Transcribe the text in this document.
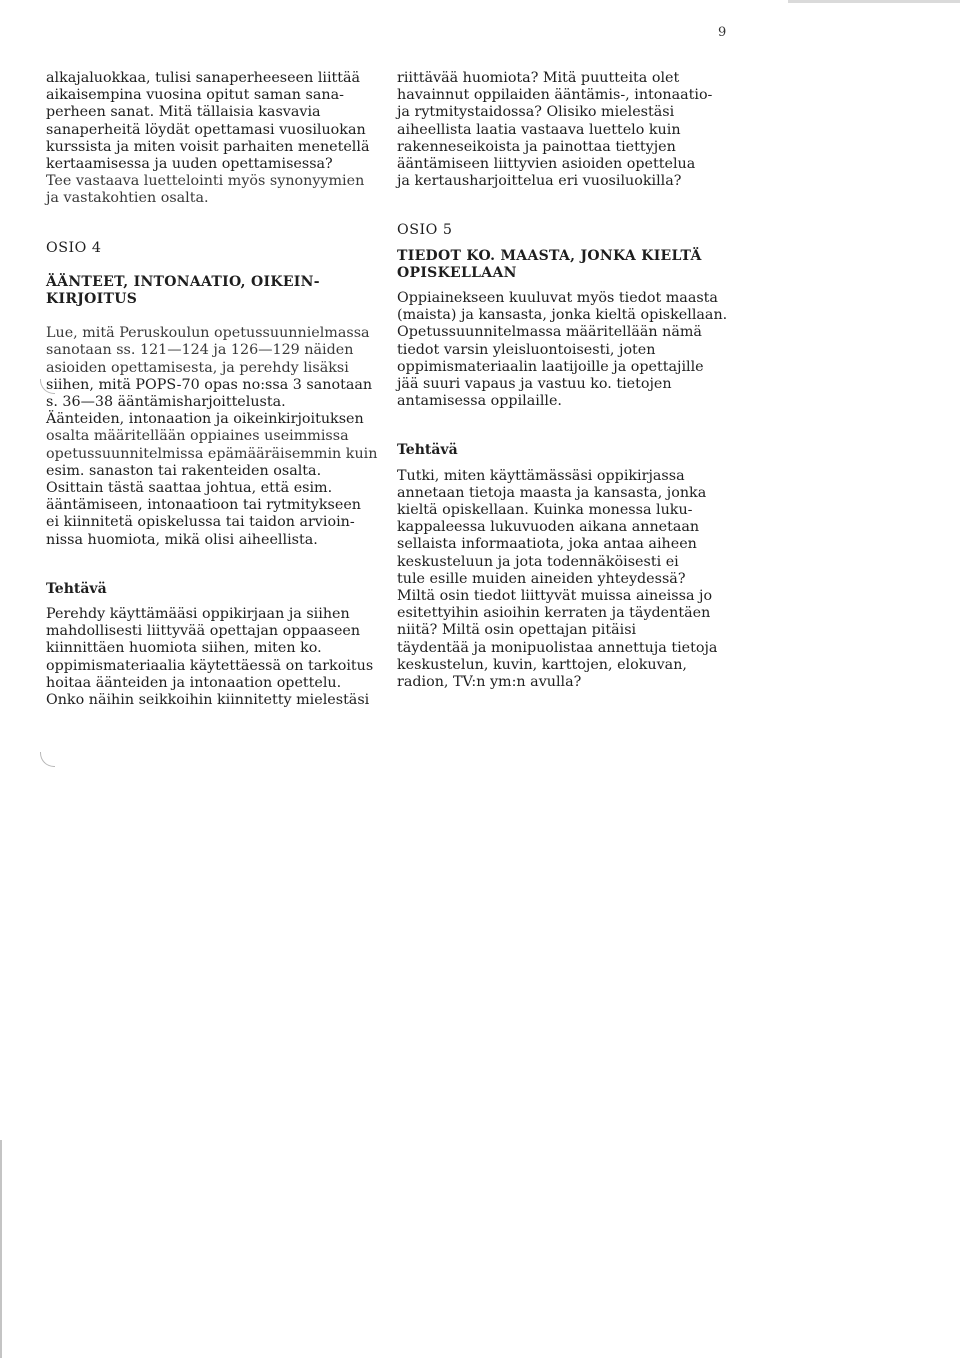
9
alkajaluokkaa, tulisi sanaperheeseen liittää
aikaisempina vuosina opitut saman sana-
perheen sanat. Mitä tällaisia kasvavia
sanaperheitä löydät opettamasi vuosiluokan
kurssista ja miten voisit parhaiten menetellä
kertaamisessa ja uuden opettamisessa?
Tee vastaava luettelointi myös synonyymien
ja vastakohtien osalta.
OSIO 4
ÄÄNTEET, INTONAATIO, OIKEIN-
KIRJOITUS
Lue, mitä Peruskoulun opetussuunnielmassa
sanotaan ss. 121—124 ja 126—129 näiden
asioiden opettamisesta, ja perehdy lisäksi
siihen, mitä POPS-70 opas no:ssa 3 sanotaan
s. 36—38 ääntämisharjoittelusta.
Äänteiden, intonaation ja oikeinkirjoituksen
osalta määritellään oppiaines useimmissa
opetussuunnitelmissa epämääräisemmin kuin
esim. sanaston tai rakenteiden osalta.
Osittain tästä saattaa johtua, että esim.
ääntämiseen, intonaatioon tai rytmitykseen
ei kiinnitetä opiskelussa tai taidon arvioin-
nissa huomiota, mikä olisi aiheellista.
Tehtävä
Perehdy käyttämääsi oppikirjaan ja siihen
mahdollisesti liittyvää opettajan oppaaseen
kiinnittäen huomiota siihen, miten ko.
oppimismateriaalia käytettäessä on tarkoitus
hoitaa äänteiden ja intonaation opettelu.
Onko näihin seikkoihin kiinnitetty mielestäsi
riittävää huomiota? Mitä puutteita olet
havainnut oppilaiden ääntämis-, intonaatio-
ja rytmitystaidossa? Olisiko mielestäsi
aiheellista laatia vastaava luettelo kuin
rakenneseikoista ja painottaa tiettyjen
ääntämiseen liittyvien asioiden opettelua
ja kertausharjoittelua eri vuosiluokilla?
OSIO 5
TIEDOT KO. MAASTA, JONKA KIELTÄ
OPISKELLAAN
Oppiainekseen kuuluvat myös tiedot maasta
(maista) ja kansasta, jonka kieltä opiskellaan.
Opetussuunnitelmassa määritellään nämä
tiedot varsin yleisluontoisesti, joten
oppimismateriaalin laatijoille ja opettajille
jää suuri vapaus ja vastuu ko. tietojen
antamisessa oppilaille.
Tehtävä
Tutki, miten käyttämässäsi oppikirjassa
annetaan tietoja maasta ja kansasta, jonka
kieltä opiskellaan. Kuinka monessa luku-
kappaleessa lukuvuoden aikana annetaan
sellaista informaatiota, joka antaa aiheen
keskusteluun ja jota todennäköisesti ei
tule esille muiden aineiden yhteydessä?
Miltä osin tiedot liittyvät muissa aineissa jo
esitettyihin asioihin kerraten ja täydentäen
niitä? Miltä osin opettajan pitäisi
täydentää ja monipuolistaa annettuja tietoja
keskustelun, kuvin, karttojen, elokuvan,
radion, TV:n ym:n avulla?
